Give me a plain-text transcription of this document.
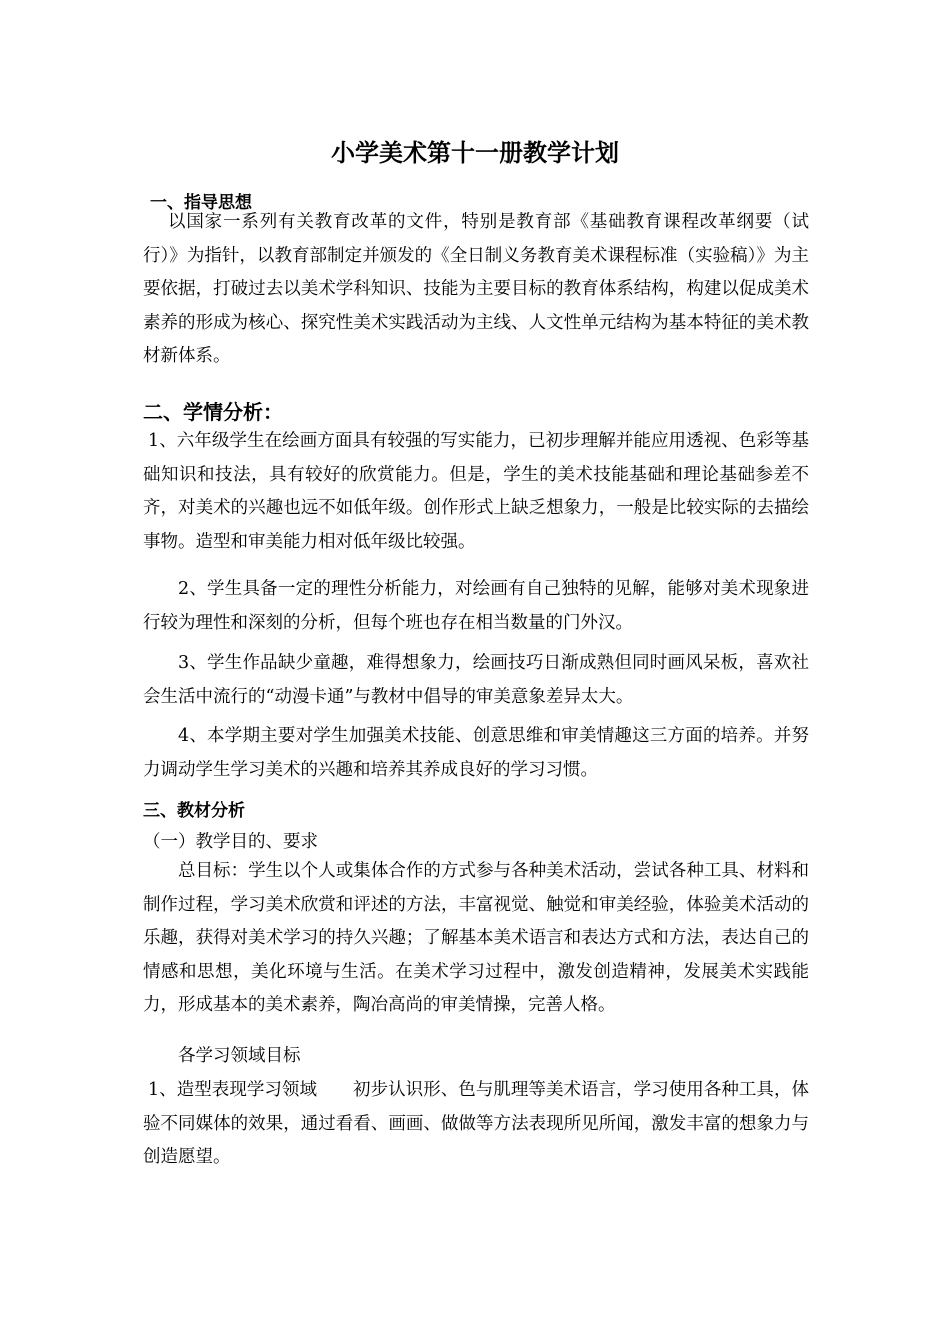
小学美术第十一册教学计划
一、指导思想
以国家一系列有关教育改革的文件，特别是教育部《基础教育课程改革纲要（试行）》为指针，以教育部制定并颁发的《全日制义务教育美术课程标准（实验稿）》为主要依据，打破过去以美术学科知识、技能为主要目标的教育体系结构，构建以促成美术素养的形成为核心、探究性美术实践活动为主线、人文性单元结构为基本特征的美术教材新体系。
二、学情分析：
1、六年级学生在绘画方面具有较强的写实能力，已初步理解并能应用透视、色彩等基础知识和技法，具有较好的欣赏能力。但是，学生的美术技能基础和理论基础参差不齐，对美术的兴趣也远不如低年级。创作形式上缺乏想象力，一般是比较实际的去描绘事物。造型和审美能力相对低年级比较强。
2、学生具备一定的理性分析能力，对绘画有自己独特的见解，能够对美术现象进行较为理性和深刻的分析，但每个班也存在相当数量的门外汉。
3、学生作品缺少童趣，难得想象力，绘画技巧日渐成熟但同时画风呆板，喜欢社会生活中流行的“动漫卡通”与教材中倡导的审美意象差异太大。
4、本学期主要对学生加强美术技能、创意思维和审美情趣这三方面的培养。并努力调动学生学习美术的兴趣和培养其养成良好的学习习惯。
三、教材分析
（一）教学目的、要求
总目标：学生以个人或集体合作的方式参与各种美术活动，尝试各种工具、材料和制作过程，学习美术欣赏和评述的方法，丰富视觉、触觉和审美经验，体验美术活动的乐趣，获得对美术学习的持久兴趣；了解基本美术语言和表达方式和方法，表达自己的情感和思想，美化环境与生活。在美术学习过程中，激发创造精神，发展美术实践能力，形成基本的美术素养，陶冶高尚的审美情操，完善人格。
各学习领域目标
1、造型表现学习领域 初步认识形、色与肌理等美术语言，学习使用各种工具，体验不同媒体的效果，通过看看、画画、做做等方法表现所见所闻，激发丰富的想象力与创造愿望。
